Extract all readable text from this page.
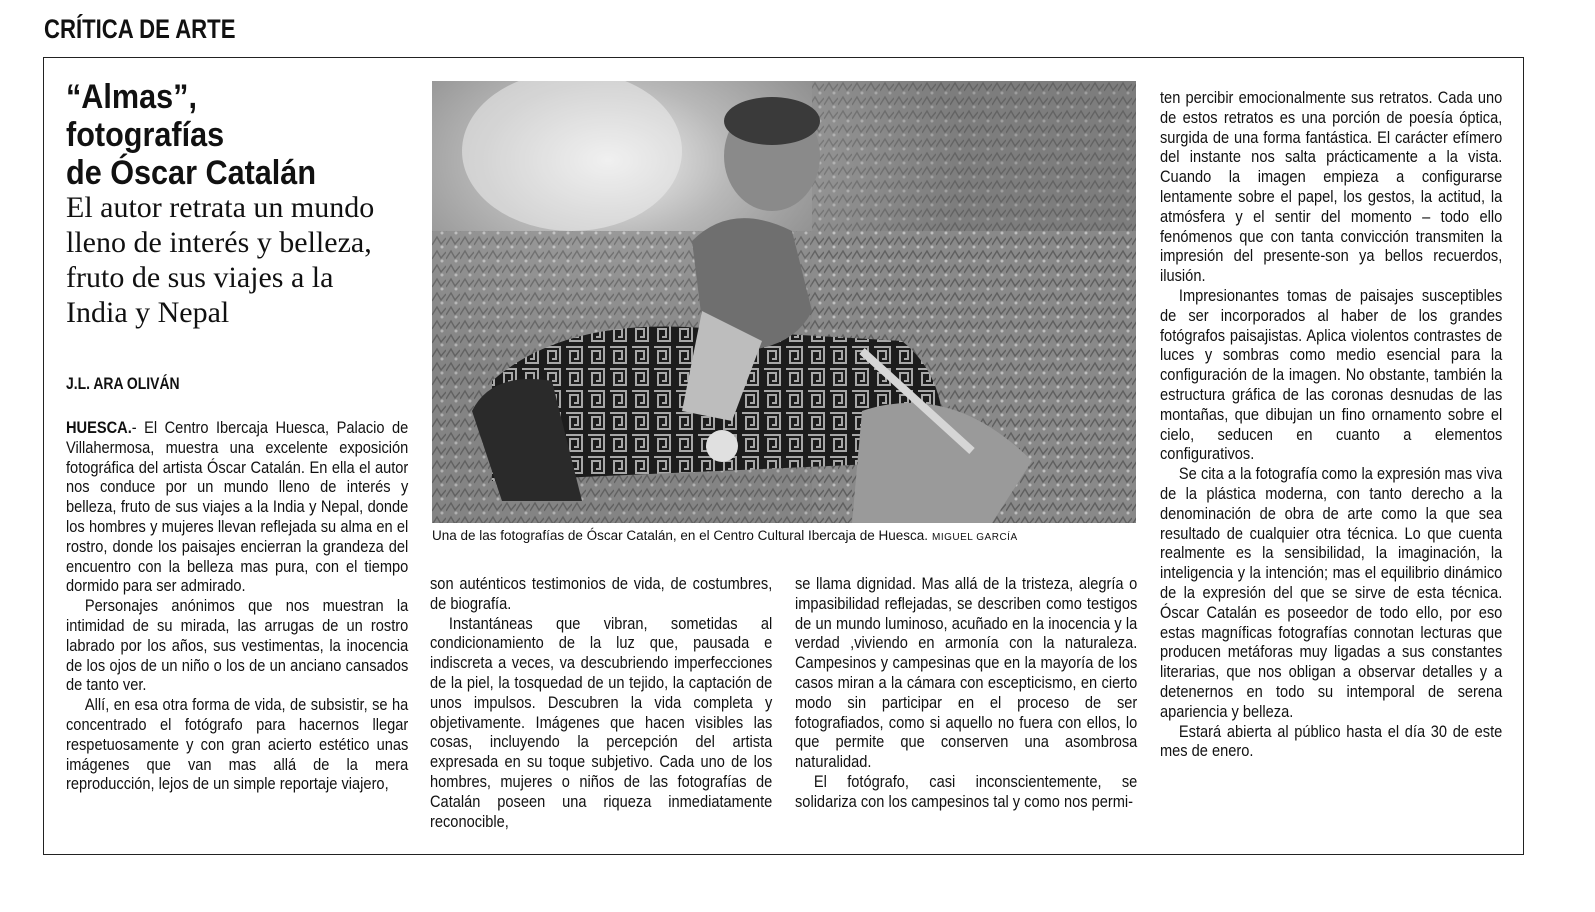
CRÍTICA DE ARTE
“Almas”, fotografías
de Óscar Catalán
El autor retrata un mundo
lleno de interés y belleza,
fruto de sus viajes a la
India y Nepal
J.L. ARA OLIVÁN

HUESCA.- El Centro Ibercaja Huesca, Palacio de Villahermosa, muestra una excelente exposición fotográfica del artista Óscar Catalán. En ella el autor nos conduce por un mundo lleno de interés y belleza, fruto de sus viajes a la India y Nepal, donde los hombres y mujeres llevan reflejada su alma en el rostro, donde los paisajes encierran la grandeza del encuentro con la belleza mas pura, con el tiempo dormido para ser admirado.

Personajes anónimos que nos muestran la intimidad de su mirada, las arrugas de un rostro labrado por los años, sus vestimentas, la inocencia de los ojos de un niño o los de un anciano cansados de tanto ver.

Allí, en esa otra forma de vida, de subsistir, se ha concentrado el fotógrafo para hacernos llegar respetuosamente y con gran acierto estético unas imágenes que van mas allá de la mera reproducción, lejos de un simple reportaje viajero,

Una de las fotografías de Óscar Catalán, en el Centro Cultural Ibercaja de Huesca. MIGUEL GARCÍA

son auténticos testimonios de vida, de costumbres, de biografía.

Instantáneas que vibran, sometidas al condicionamiento de la luz que, pausada e indiscreta a veces, va descubriendo imperfecciones de la piel, la tosquedad de un tejido, la captación de unos impulsos. Descubren la vida completa y objetivamente. Imágenes que hacen visibles las cosas, incluyendo la percepción del artista expresada en su toque subjetivo. Cada uno de los hombres, mujeres o niños de las fotografías de Catalán poseen una riqueza inmediatamente reconocible,

se llama dignidad. Mas allá de la tristeza, alegría o impasibilidad reflejadas, se describen como testigos de un mundo luminoso, acuñado en la inocencia y la verdad ,viviendo en armonía con la naturaleza. Campesinos y campesinas que en la mayoría de los casos miran a la cámara con escepticismo, en cierto modo sin participar en el proceso de ser fotografiados, como si aquello no fuera con ellos, lo que permite que conserven una asombrosa naturalidad.

El fotógrafo, casi inconscientemente, se solidariza con los campesinos tal y como nos permi-

ten percibir emocionalmente sus retratos. Cada uno de estos retratos es una porción de poesía óptica, surgida de una forma fantástica. El carácter efímero del instante nos salta prácticamente a la vista. Cuando la imagen empieza a configurarse lentamente sobre el papel, los gestos, la actitud, la atmósfera y el sentir del momento – todo ello fenómenos que con tanta convicción transmiten la impresión del presente-son ya bellos recuerdos, ilusión.

Impresionantes tomas de paisajes susceptibles de ser incorporados al haber de los grandes fotógrafos paisajistas. Aplica violentos contrastes de luces y sombras como medio esencial para la configuración de la imagen. No obstante, también la estructura gráfica de las coronas desnudas de las montañas, que dibujan un fino ornamento sobre el cielo, seducen en cuanto a elementos configurativos.

Se cita a la fotografía como la expresión mas viva de la plástica moderna, con tanto derecho a la denominación de obra de arte como la que sea resultado de cualquier otra técnica. Lo que cuenta realmente es la sensibilidad, la imaginación, la inteligencia y la intención; mas el equilibrio dinámico de la expresión del que se sirve de esta técnica. Óscar Catalán es poseedor de todo ello, por eso estas magníficas fotografías connotan lecturas que producen metáforas muy ligadas a sus constantes literarias, que nos obligan a observar detalles y a detenernos en todo su intemporal de serena apariencia y belleza.

Estará abierta al público hasta el día 30 de este mes de enero.
